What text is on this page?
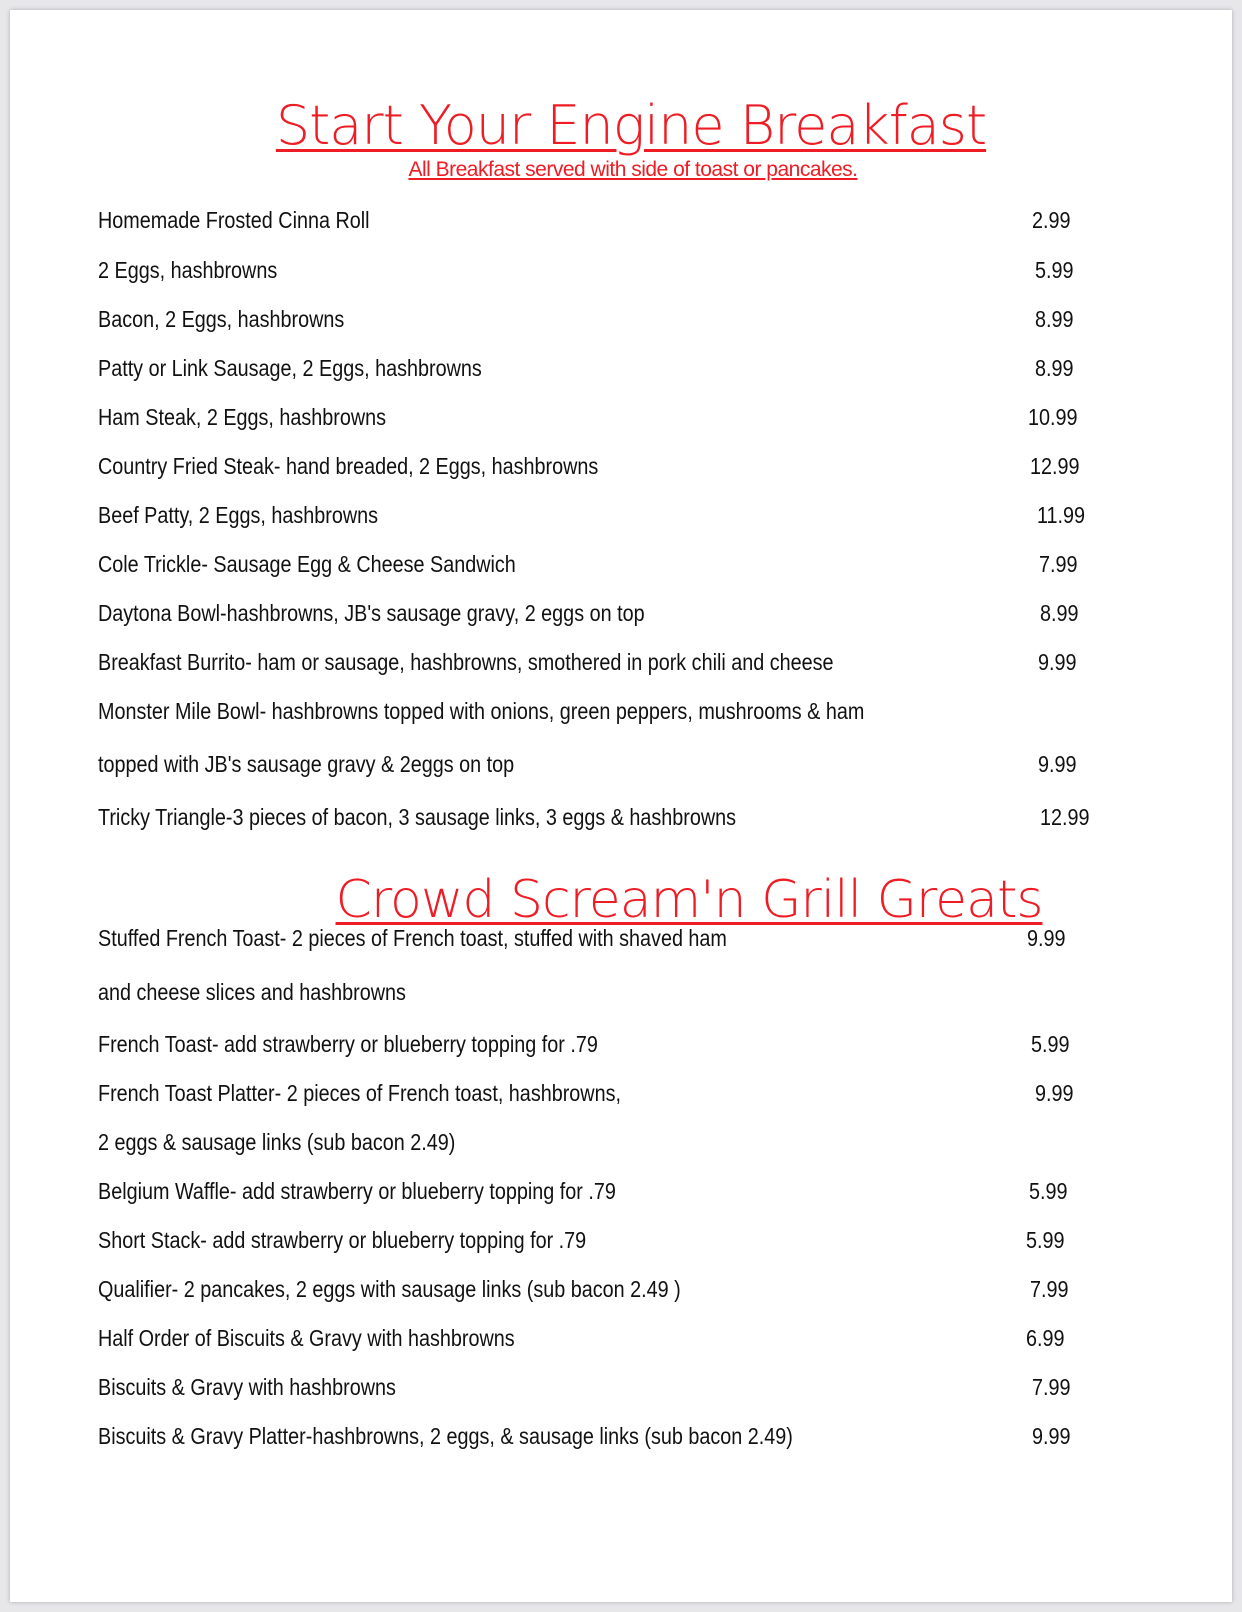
Start Your Engine Breakfast
All Breakfast served with side of toast or pancakes.
Homemade Frosted Cinna Roll	2.99
2 Eggs, hashbrowns	5.99
Bacon, 2 Eggs, hashbrowns	8.99
Patty or Link Sausage, 2 Eggs, hashbrowns	8.99
Ham Steak, 2 Eggs, hashbrowns	10.99
Country Fried Steak- hand breaded, 2 Eggs, hashbrowns	12.99
Beef Patty, 2 Eggs, hashbrowns	11.99
Cole Trickle- Sausage Egg & Cheese Sandwich	7.99
Daytona Bowl-hashbrowns, JB's sausage gravy, 2 eggs on top	8.99
Breakfast Burrito- ham or sausage, hashbrowns, smothered in pork chili and cheese	9.99
Monster Mile Bowl- hashbrowns topped with onions, green peppers, mushrooms & ham
topped with JB's sausage gravy & 2eggs on top	9.99
Tricky Triangle-3 pieces of bacon, 3 sausage links, 3 eggs & hashbrowns	12.99
Crowd Scream'n Grill Greats
Stuffed French Toast- 2 pieces of French toast, stuffed with shaved ham	9.99
and cheese slices and hashbrowns
French Toast- add strawberry or blueberry topping for .79	5.99
French Toast Platter- 2 pieces of French toast, hashbrowns,	9.99
2 eggs & sausage links (sub bacon 2.49)
Belgium Waffle- add strawberry or blueberry topping for .79	5.99
Short Stack- add strawberry or blueberry topping for .79	5.99
Qualifier- 2 pancakes, 2 eggs with sausage links (sub bacon 2.49 )	7.99
Half Order of Biscuits & Gravy with hashbrowns	6.99
Biscuits & Gravy with hashbrowns	7.99
Biscuits & Gravy Platter-hashbrowns, 2 eggs, & sausage links (sub bacon 2.49)	9.99
